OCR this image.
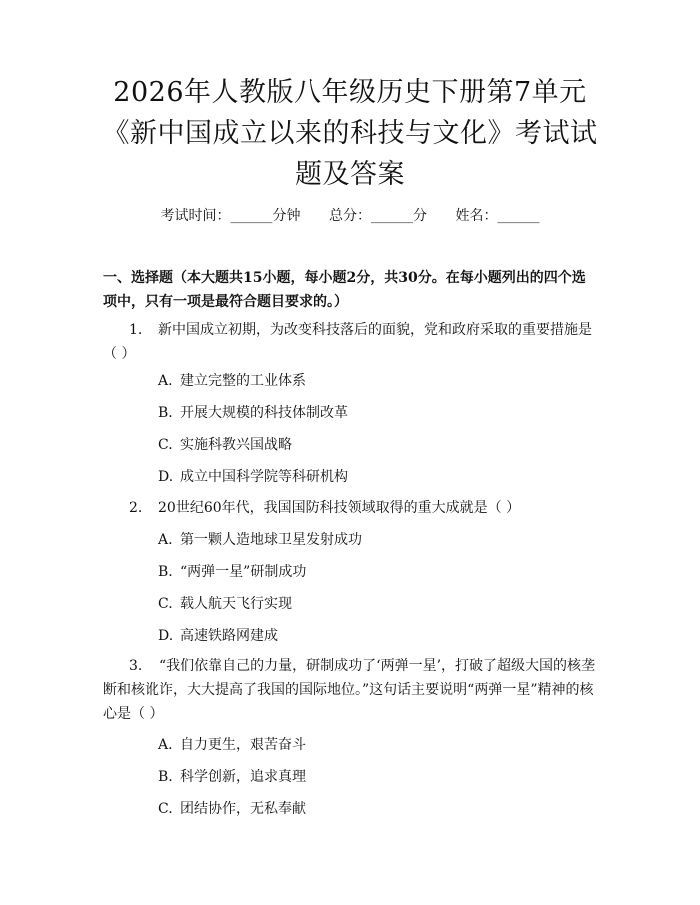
2026年人教版八年级历史下册第7单元《新中国成立以来的科技与文化》考试试题及答案
考试时间：______分钟 总分：______分 姓名：______

一、选择题（本大题共15小题，每小题2分，共30分。在每小题列出的四个选项中，只有一项是最符合题目要求的。）

1. 新中国成立初期，为改变科技落后的面貌，党和政府采取的重要措施是（ ）

A. 建立完整的工业体系
B. 开展大规模的科技体制改革
C. 实施科教兴国战略
D. 成立中国科学院等科研机构

2. 20世纪60年代，我国国防科技领域取得的重大成就是（ ）

A. 第一颗人造地球卫星发射成功
B. “两弹一星”研制成功
C. 载人航天飞行实现
D. 高速铁路网建成

3. “我们依靠自己的力量，研制成功了‘两弹一星’，打破了超级大国的核垄断和核讹诈，大大提高了我国的国际地位。”这句话主要说明“两弹一星”精神的核心是（ ）

A. 自力更生，艰苦奋斗
B. 科学创新，追求真理
C. 团结协作，无私奉献
